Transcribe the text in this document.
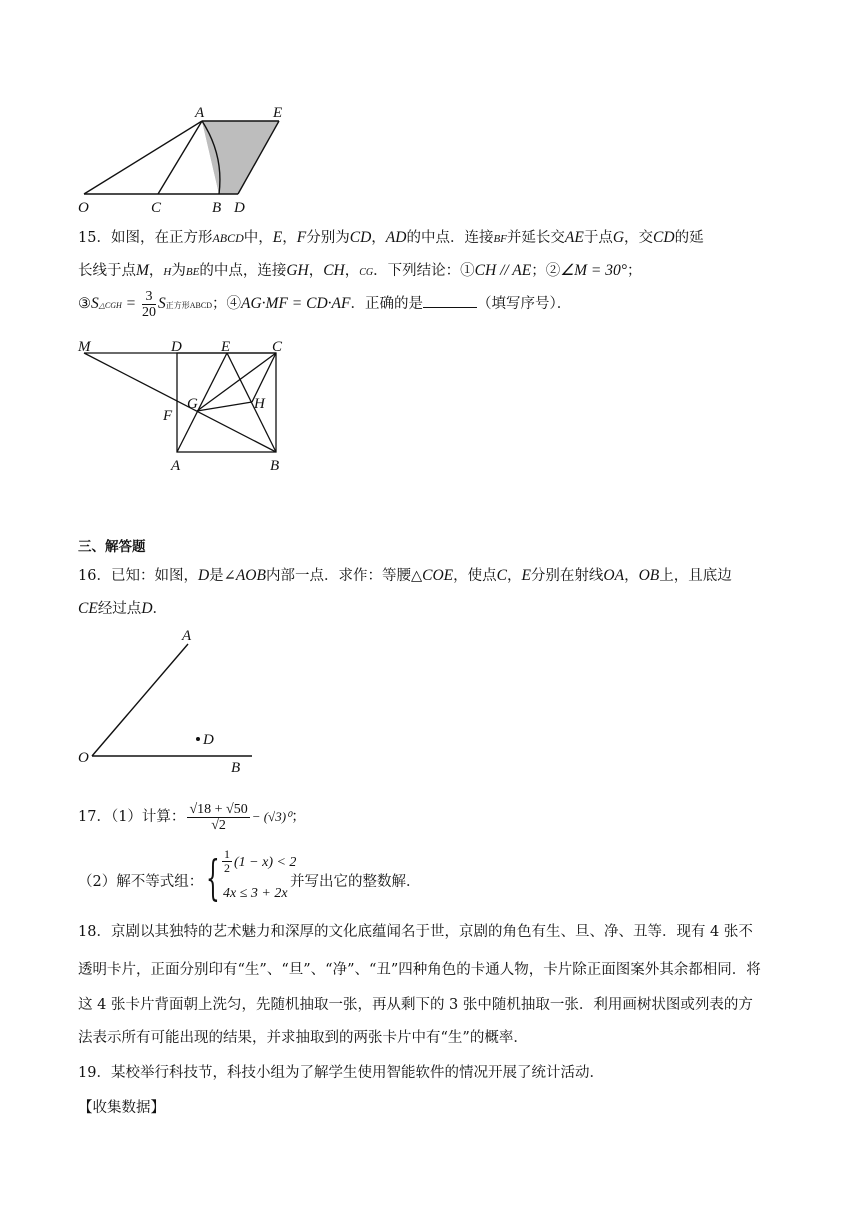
A	E
O	C	B D
15．如图，在正方形ABCD中，E，F分别为CD，AD的中点．连接BF并延长交AE于点G，交CD的延
长线于点M，H为BE的中点，连接GH，CH，CG．下列结论：①CH // AE；②∠M = 30°；
③S△CGH = $\frac{3}{20}$ S正方形ABCD；④AG·MF = CD·AF．正确的是	（填写序号）．
M	D	E	C
G	H
F
A	B
三、解答题
16．已知：如图，D是∠AOB内部一点．求作：等腰△COE，使点C，E分别在射线OA，OB上，且底边
CE经过点D．
A
D
O
B
17．（1）计算： $\frac{√18 + √50}{√2} - (√3)^0$；
（2）解不等式组： { $\frac{1}{2} (1 - x) < 2$
4x ≤ 3 + 2x
并写出它的整数解．
18．京剧以其独特的艺术魅力和深厚的文化底蕴闻名于世，京剧的角色有生、旦、净、丑等．现有 4 张不
透明卡片，正面分别印有“生”、“旦”、“净”、“丑”四种角色的卡通人物，卡片除正面图案外其余都相同．将
这 4 张卡片背面朝上洗匀，先随机抽取一张，再从剩下的 3 张中随机抽取一张．利用画树状图或列表的方
法表示所有可能出现的结果，并求抽取到的两张卡片中有“生”的概率．
19．某校举行科技节，科技小组为了解学生使用智能软件的情况开展了统计活动．
【收集数据】
